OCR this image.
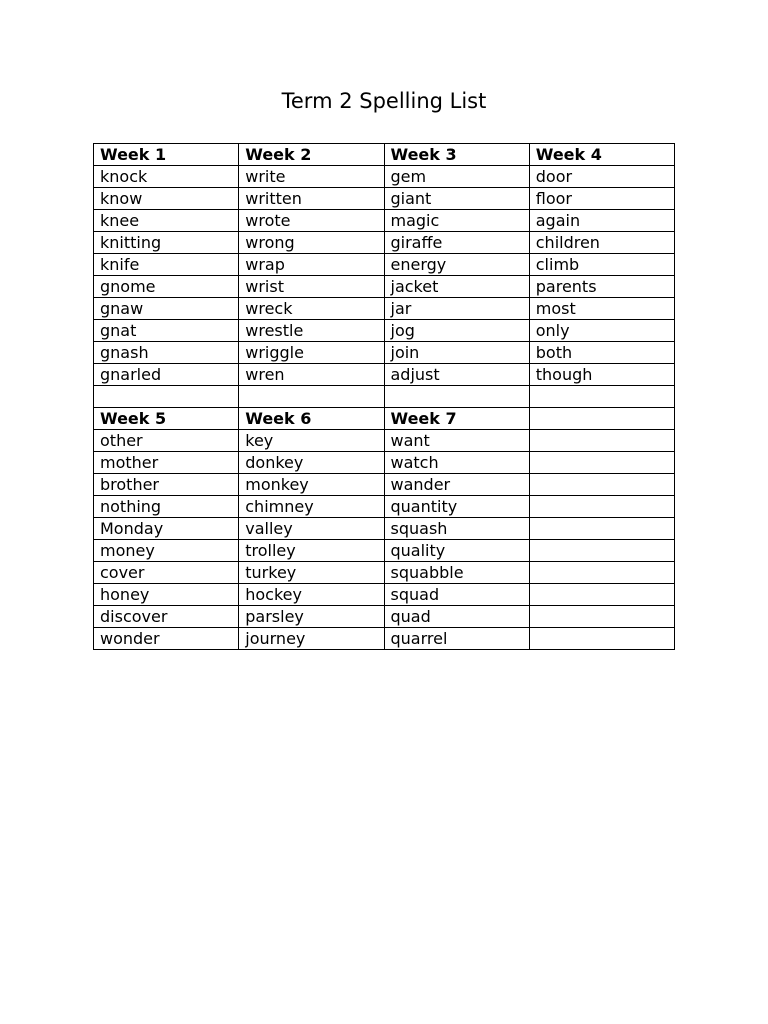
Term 2 Spelling List
Week 1	Week 2	Week 3	Week 4
knock	write	gem	door
know	written	giant	floor
knee	wrote	magic	again
knitting	wrong	giraffe	children
knife	wrap	energy	climb
gnome	wrist	jacket	parents
gnaw	wreck	jar	most
gnat	wrestle	jog	only
gnash	wriggle	join	both
gnarled	wren	adjust	though

Week 5	Week 6	Week 7	
other	key	want	
mother	donkey	watch	
brother	monkey	wander	
nothing	chimney	quantity	
Monday	valley	squash	
money	trolley	quality	
cover	turkey	squabble	
honey	hockey	squad	
discover	parsley	quad	
wonder	journey	quarrel	
